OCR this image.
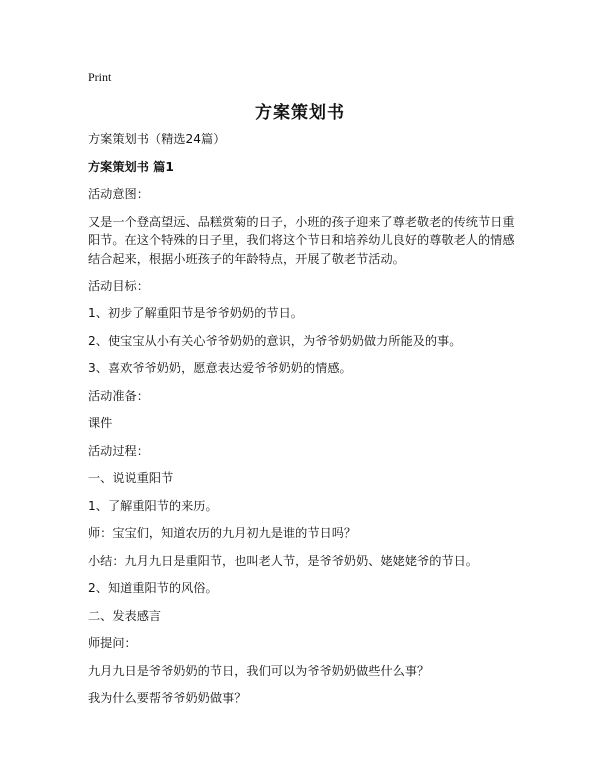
Print
方案策划书

方案策划书（精选24篇）

方案策划书 篇1

活动意图：

又是一个登高望远、品糕赏菊的日子，小班的孩子迎来了尊老敬老的传统节日重阳节。在这个特殊的日子里，我们将这个节日和培养幼儿良好的尊敬老人的情感结合起来，根据小班孩子的年龄特点，开展了敬老节活动。

活动目标：

1、初步了解重阳节是爷爷奶奶的节日。

2、使宝宝从小有关心爷爷奶奶的意识，为爷爷奶奶做力所能及的事。

3、喜欢爷爷奶奶，愿意表达爱爷爷奶奶的情感。

活动准备：

课件

活动过程：

一、说说重阳节

1、了解重阳节的来历。

师：宝宝们，知道农历的九月初九是谁的节日吗？

小结：九月九日是重阳节，也叫老人节，是爷爷奶奶、姥姥姥爷的节日。

2、知道重阳节的风俗。

二、发表感言

师提问：

九月九日是爷爷奶奶的节日，我们可以为爷爷奶奶做些什么事？

我为什么要帮爷爷奶奶做事？
